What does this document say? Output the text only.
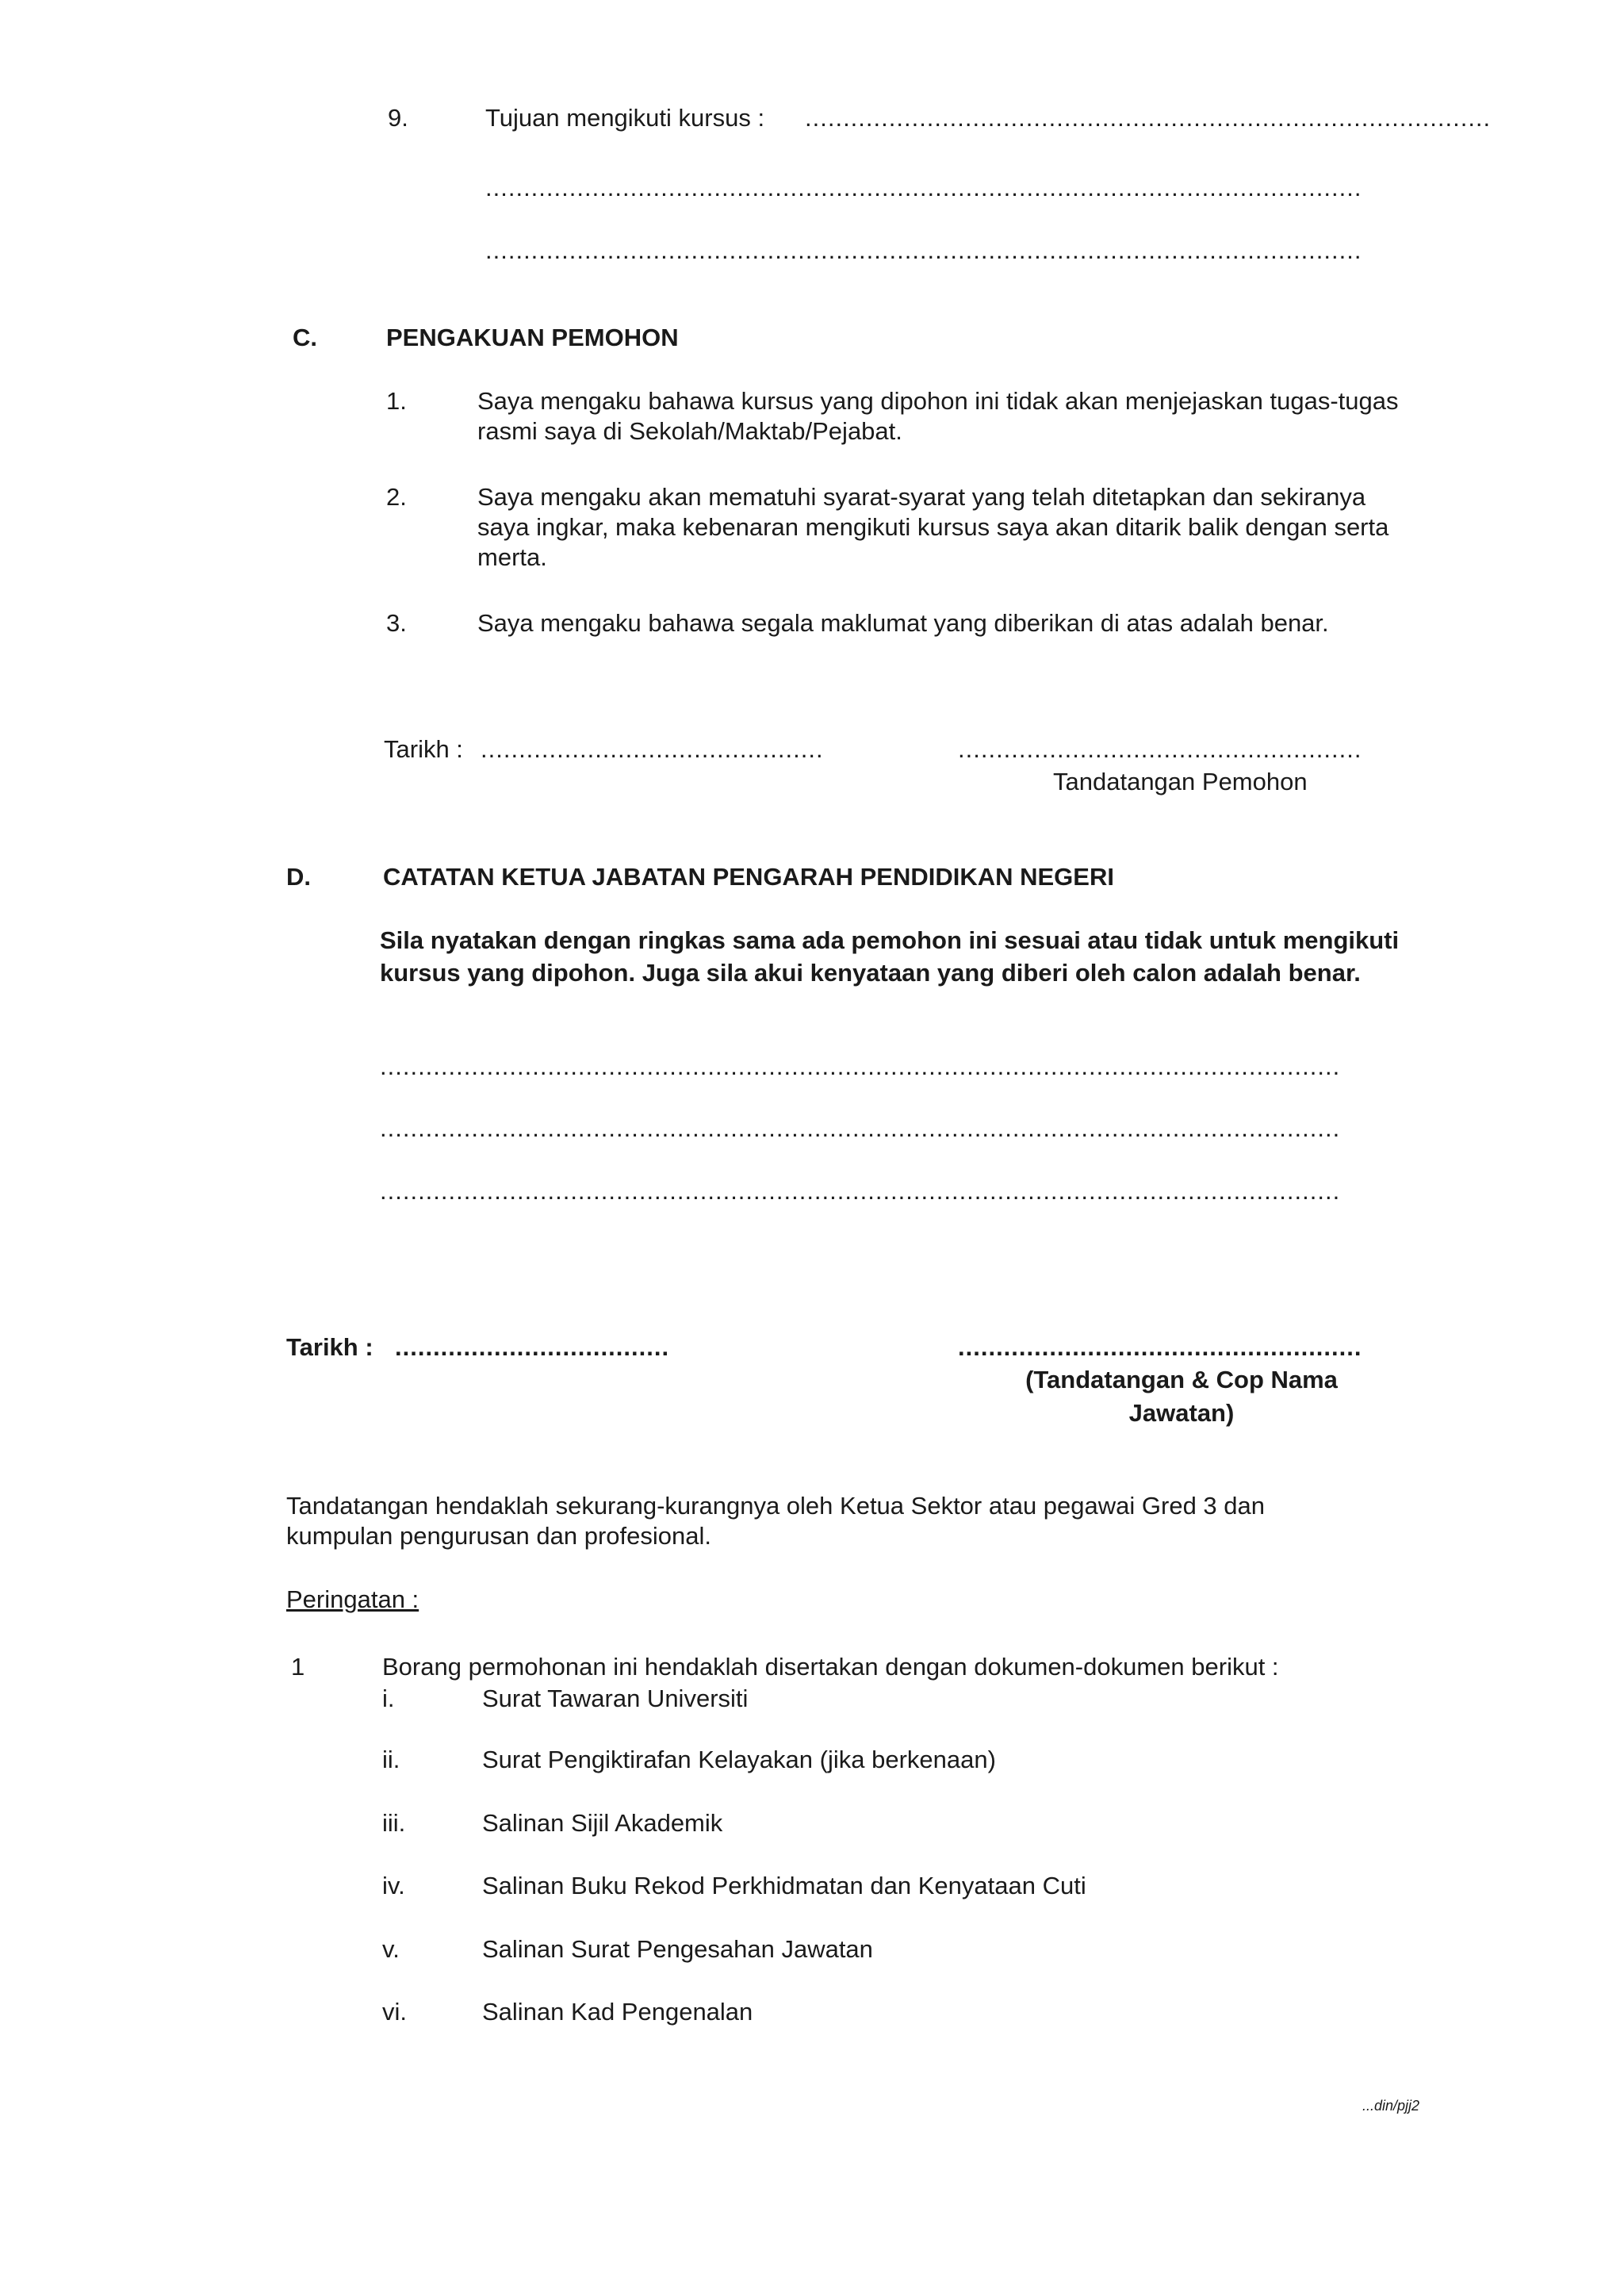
9.	Tujuan mengikuti kursus : ..........................................................................................
...................................................................................................................
...................................................................................................................
C.	PENGAKUAN PEMOHON
1.	Saya mengaku bahawa kursus yang dipohon ini tidak akan menjejaskan tugas-tugas rasmi saya di Sekolah/Maktab/Pejabat.
2.	Saya mengaku akan mematuhi syarat-syarat yang telah ditetapkan dan sekiranya saya ingkar, maka kebenaran mengikuti kursus saya akan ditarik balik dengan serta merta.
3.	Saya mengaku bahawa segala maklumat yang diberikan di atas adalah benar.
Tarikh : .............................................	.....................................................
Tandatangan Pemohon
D.	CATATAN KETUA JABATAN PENGARAH PENDIDIKAN NEGERI
Sila nyatakan dengan ringkas sama ada pemohon ini sesuai atau tidak untuk mengikuti kursus yang dipohon. Juga sila akui kenyataan yang diberi oleh calon adalah benar.
..............................................................................................................................
..............................................................................................................................
..............................................................................................................................
Tarikh : ....................................	.....................................................
(Tandatangan & Cop Nama
Jawatan)
Tandatangan hendaklah sekurang-kurangnya oleh Ketua Sektor atau pegawai Gred 3 dan kumpulan pengurusan dan profesional.
Peringatan :
1	Borang permohonan ini hendaklah disertakan dengan dokumen-dokumen berikut :
i.	Surat Tawaran Universiti
ii.	Surat Pengiktirafan Kelayakan (jika berkenaan)
iii.	Salinan Sijil Akademik
iv.	Salinan Buku Rekod Perkhidmatan dan Kenyataan Cuti
v.	Salinan Surat Pengesahan Jawatan
vi.	Salinan Kad Pengenalan
...din/pjj2
